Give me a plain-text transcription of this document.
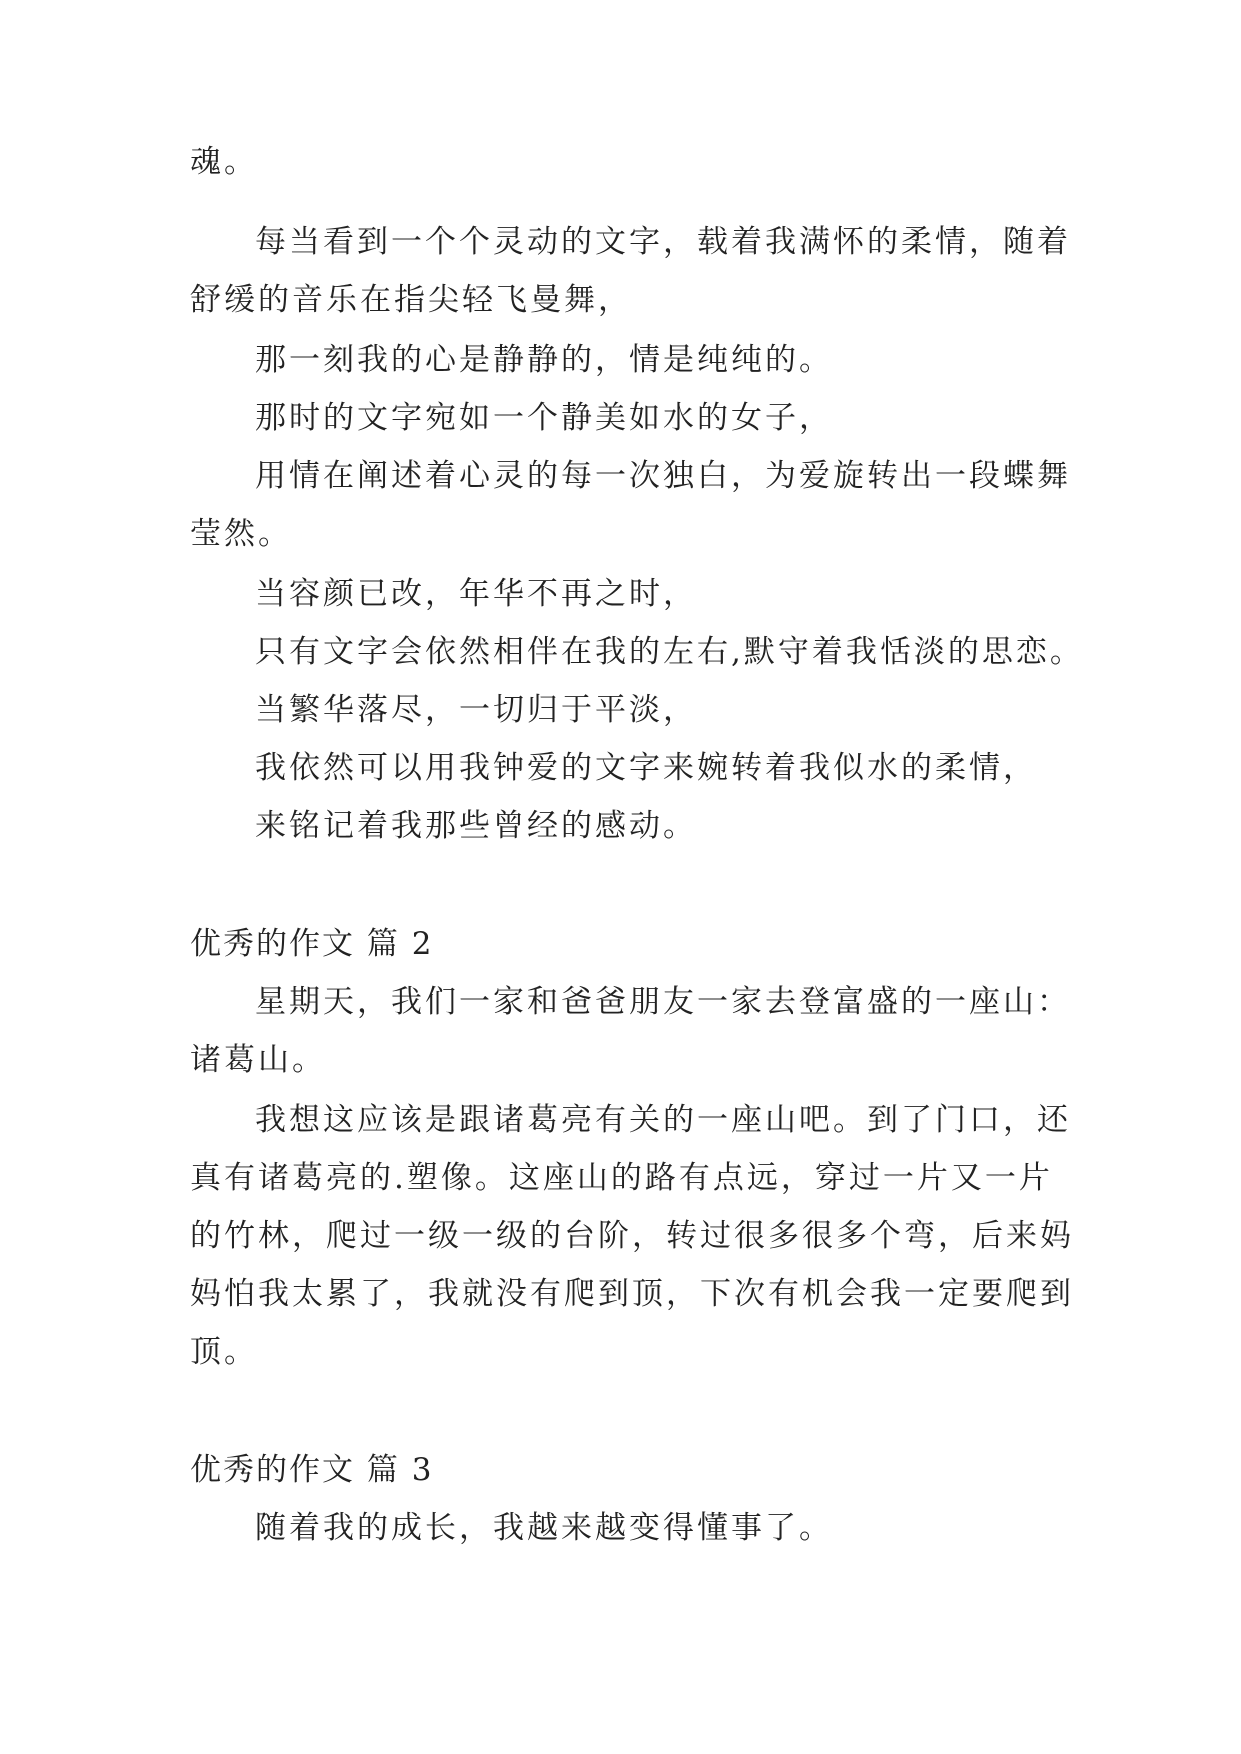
魂。
每当看到一个个灵动的文字，载着我满怀的柔情，随着
舒缓的音乐在指尖轻飞曼舞，
那一刻我的心是静静的，情是纯纯的。
那时的文字宛如一个静美如水的女子，
用情在阐述着心灵的每一次独白，为爱旋转出一段蝶舞
莹然。
当容颜已改，年华不再之时，
只有文字会依然相伴在我的左右,默守着我恬淡的思恋。
当繁华落尽，一切归于平淡，
我依然可以用我钟爱的文字来婉转着我似水的柔情，
来铭记着我那些曾经的感动。
优秀的作文 篇 2
星期天，我们一家和爸爸朋友一家去登富盛的一座山：
诸葛山。
我想这应该是跟诸葛亮有关的一座山吧。到了门口，还
真有诸葛亮的.塑像。这座山的路有点远，穿过一片又一片
的竹林，爬过一级一级的台阶，转过很多很多个弯，后来妈
妈怕我太累了，我就没有爬到顶，下次有机会我一定要爬到
顶。
优秀的作文 篇 3
随着我的成长，我越来越变得懂事了。
